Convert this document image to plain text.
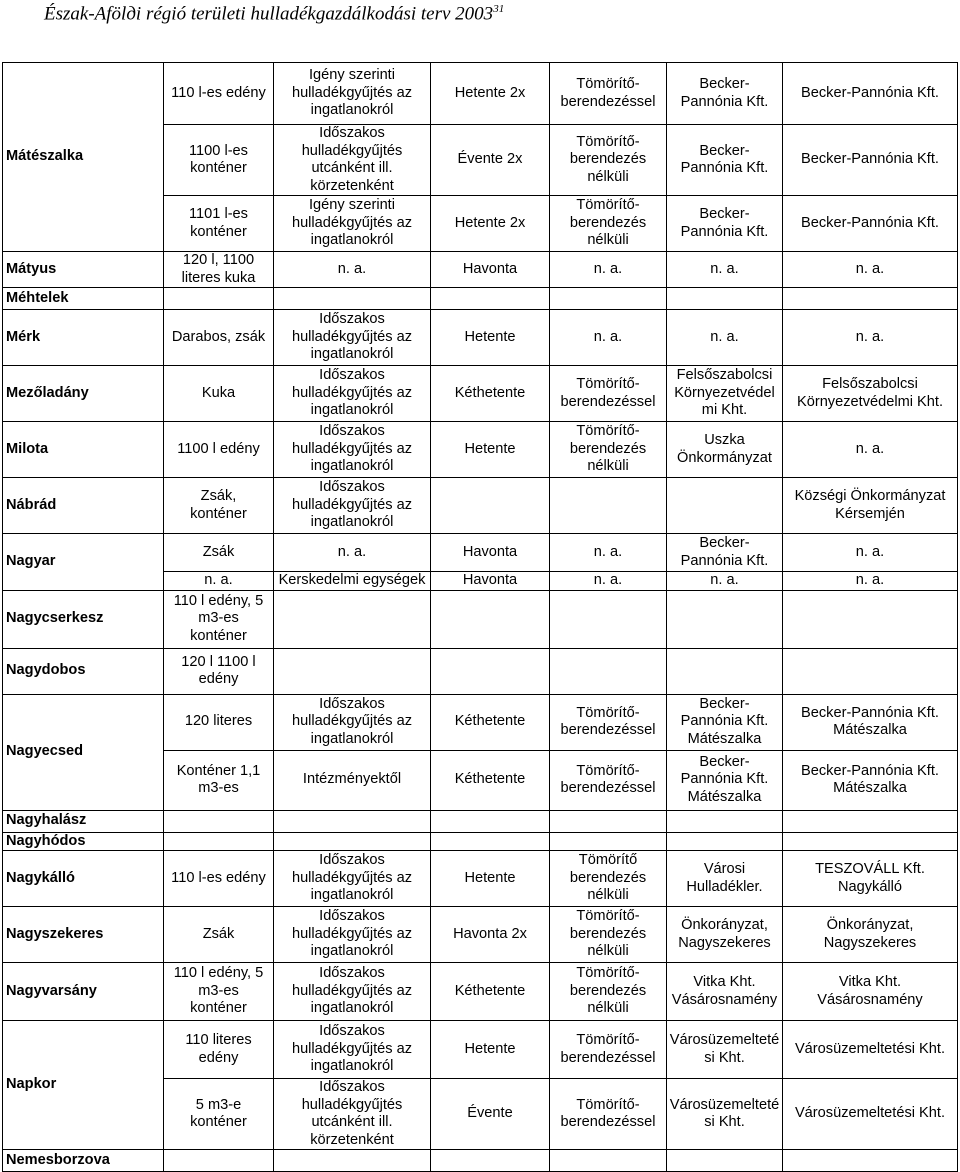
Észak-Afölдi régió területi hulladékgazdálkodási terv 2003$^{31}$
Mátészalka	110 l-es edény	Igény szerinti
hulladékgyűjtés az
ingatlanokról	Hetente 2x	Tömörítő-
berendezéssel	Becker-
Pannónia Kft.	Becker-Pannónia Kft.

	1100 l-es
konténer	Időszakos
hulladékgyűjtés
utcánként ill.
körzetenként	Évente 2x	Tömörítő-
berendezés
nélküli	Becker-
Pannónia Kft.	Becker-Pannónia Kft.

	1101 l-es
konténer	Igény szerinti
hulladékgyűjtés az
ingatlanokról	Hetente 2x	Tömörítő-
berendezés
nélküli	Becker-
Pannónia Kft.	Becker-Pannónia Kft.

Mátyus	120 l, 1100
literes kuka	n. a.	Havonta	n. a.	n. a.	n. a.

Méhtelek						

Mérk	Darabos, zsák	Időszakos
hulladékgyűjtés az
ingatlanokról	Hetente	n. a.	n. a.	n. a.

Mezőladány	Kuka	Időszakos
hulladékgyűjtés az
ingatlanokról	Kéthetente	Tömörítő-
berendezéssel	Felsőszabolcsi
Környezetvédel
mi Kht.	Felsőszabolcsi
Környezetvédelmi Kht.

Milota	1100 l edény	Időszakos
hulladékgyűjtés az
ingatlanokról	Hetente	Tömörítő-
berendezés
nélküli	Uszka
Önkormányzat	n. a.

Nábrád	Zsák,
konténer	Időszakos
hulladékgyűjtés az
ingatlanokról				Községi Önkormányzat
Kérsemjén

Nagyar	Zsák	n. a.	Havonta	n. a.	Becker-
Pannónia Kft.	n. a.

	n. a.	Kerskedelmi egységek	Havonta	n. a.	n. a.	n. a.

Nagycserkesz	110 l edény, 5
m3-es
konténer					

Nagydobos	120 l 1100 l
edény					

Nagyecsed	120 literes	Időszakos
hulladékgyűjtés az
ingatlanokról	Kéthetente	Tömörítő-
berendezéssel	Becker-
Pannónia Kft.
Mátészalka	Becker-Pannónia Kft.
Mátészalka

	Konténer 1,1
m3-es	Intézményektől	Kéthetente	Tömörítő-
berendezéssel	Becker-
Pannónia Kft.
Mátészalka	Becker-Pannónia Kft.
Mátészalka

Nagyhalász						

Nagyhódos						

Nagykálló	110 l-es edény	Időszakos
hulladékgyűjtés az
ingatlanokról	Hetente	Tömörítő
berendezés
nélküli	Városi
Hulladékler.	TESZOVÁLL Kft.
Nagykálló

Nagyszekeres	Zsák	Időszakos
hulladékgyűjtés az
ingatlanokról	Havonta 2x	Tömörítő-
berendezés
nélküli	Önkorányzat,
Nagyszekeres	Önkorányzat,
Nagyszekeres

Nagyvarsány	110 l edény, 5
m3-es
konténer	Időszakos
hulladékgyűjtés az
ingatlanokról	Kéthetente	Tömörítő-
berendezés
nélküli	Vitka Kht.
Vásárosnamény	Vitka Kht.
Vásárosnamény

Napkor	110 literes
edény	Időszakos
hulladékgyűjtés az
ingatlanokról	Hetente	Tömörítő-
berendezéssel	Városüzemelteté
si Kht.	Városüzemeltetési Kht.

	5 m3-e
konténer	Időszakos
hulladékgyűjtés
utcánként ill.
körzetenként	Évente	Tömörítő-
berendezéssel	Városüzemelteté
si Kht.	Városüzemeltetési Kht.

Nemesborzova						
